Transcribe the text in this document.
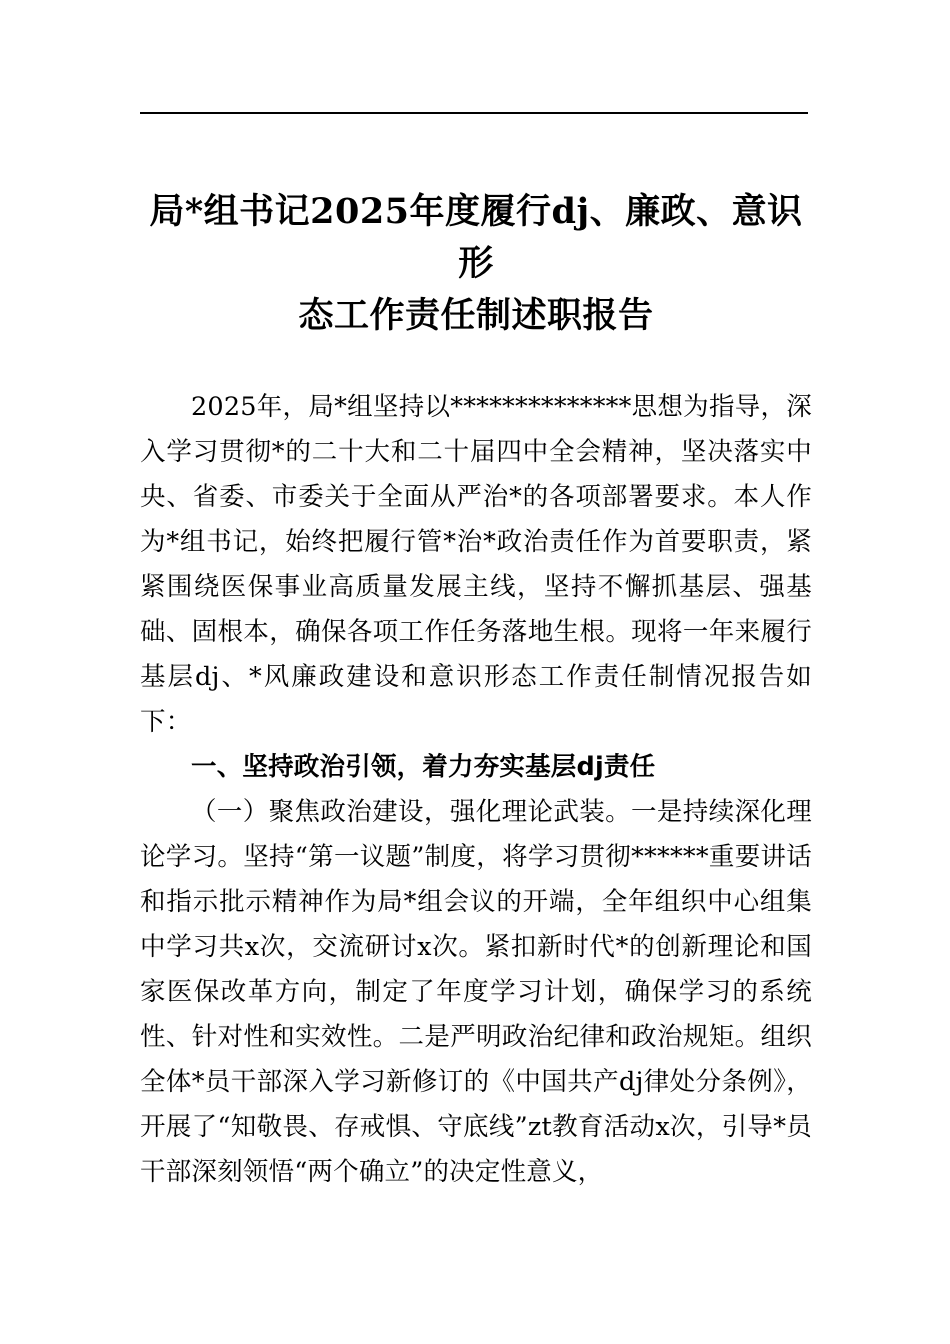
局*组书记2025年度履行dj、廉政、意识形
态工作责任制述职报告

2025年，局*组坚持以**************思想为指导，深入学习贯彻*的二十大和二十届四中全会精神，坚决落实中央、省委、市委关于全面从严治*的各项部署要求。本人作为*组书记，始终把履行管*治*政治责任作为首要职责，紧紧围绕医保事业高质量发展主线，坚持不懈抓基层、强基础、固根本，确保各项工作任务落地生根。现将一年来履行基层dj、*风廉政建设和意识形态工作责任制情况报告如下：

一、坚持政治引领，着力夯实基层dj责任

（一）聚焦政治建设，强化理论武装。一是持续深化理论学习。坚持“第一议题”制度，将学习贯彻******重要讲话和指示批示精神作为局*组会议的开端，全年组织中心组集中学习共x次，交流研讨x次。紧扣新时代*的创新理论和国家医保改革方向，制定了年度学习计划，确保学习的系统性、针对性和实效性。二是严明政治纪律和政治规矩。组织全体*员干部深入学习新修订的《中国共产dj律处分条例》，开展了“知敬畏、存戒惧、守底线”zt教育活动x次，引导*员干部深刻领悟“两个确立”的决定性意义，
